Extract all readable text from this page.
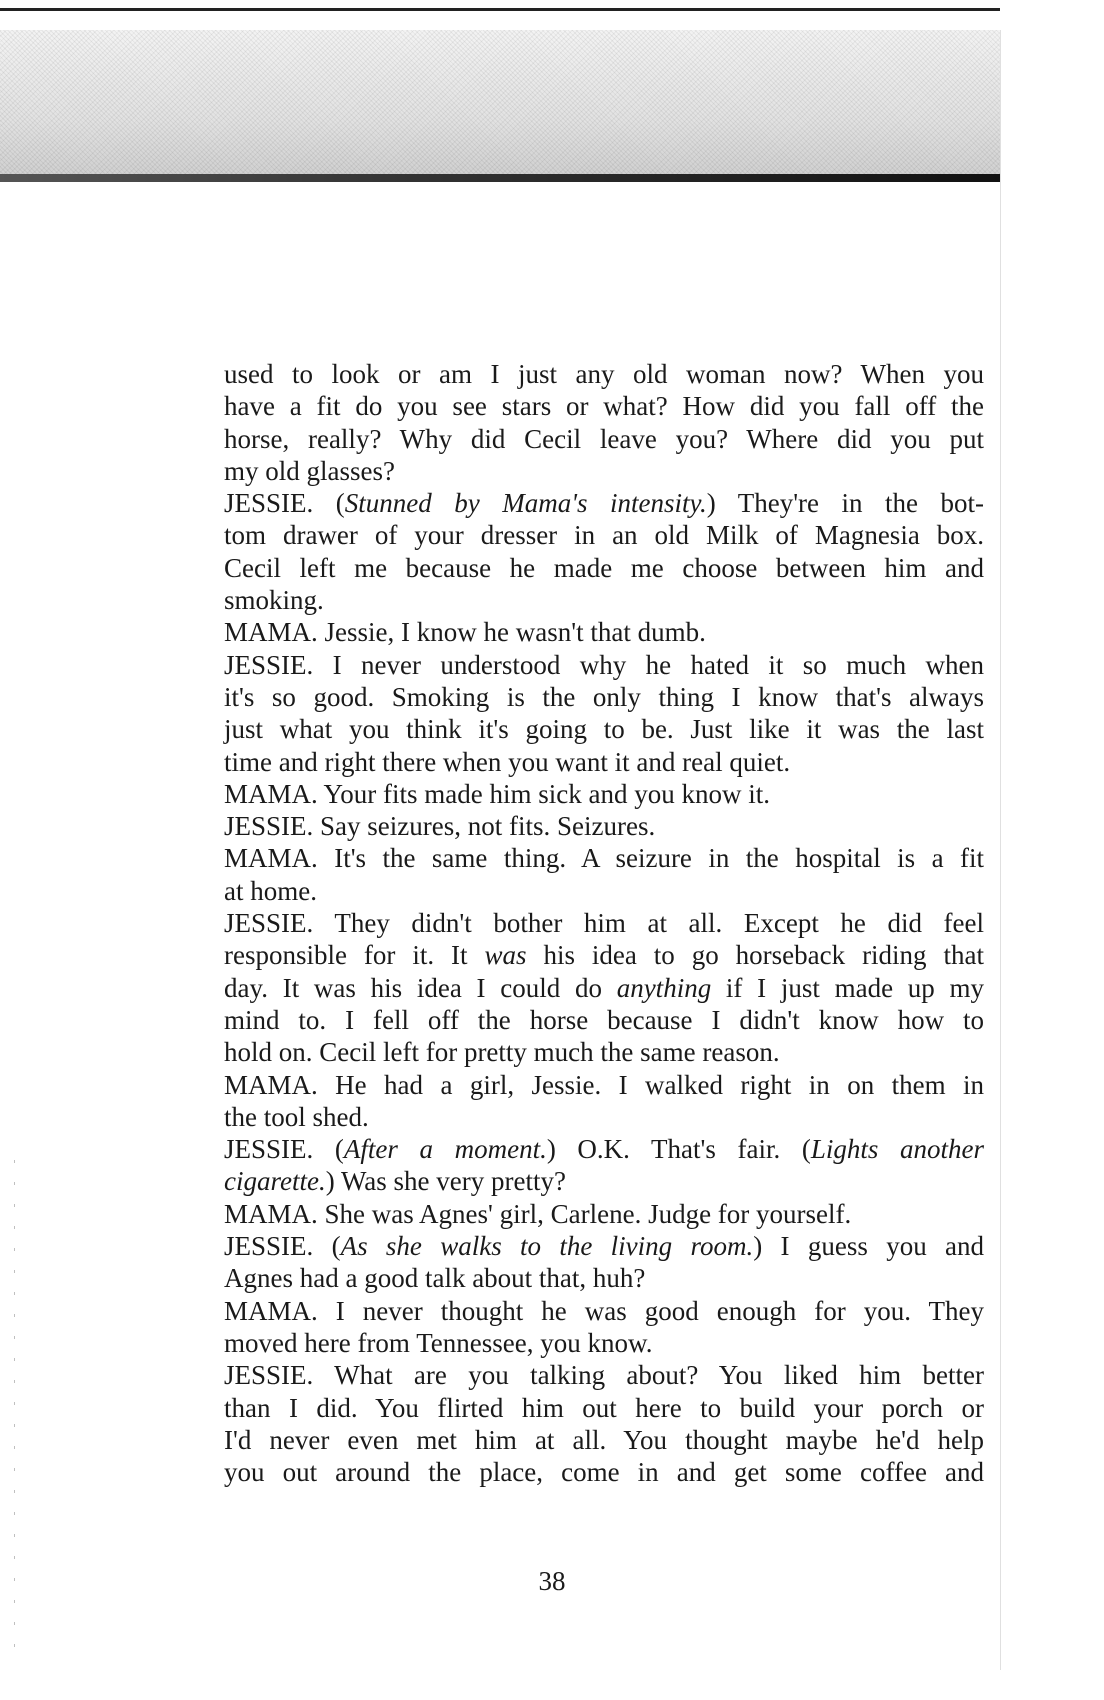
used to look or am I just any old woman now? When you
have a fit do you see stars or what? How did you fall off the
horse, really? Why did Cecil leave you? Where did you put
my old glasses?
JESSIE. (Stunned by Mama's intensity.) They're in the bot-
tom drawer of your dresser in an old Milk of Magnesia box.
Cecil left me because he made me choose between him and
smoking.
MAMA. Jessie, I know he wasn't that dumb.
JESSIE. I never understood why he hated it so much when
it's so good. Smoking is the only thing I know that's always
just what you think it's going to be. Just like it was the last
time and right there when you want it and real quiet.
MAMA. Your fits made him sick and you know it.
JESSIE. Say seizures, not fits. Seizures.
MAMA. It's the same thing. A seizure in the hospital is a fit
at home.
JESSIE. They didn't bother him at all. Except he did feel
responsible for it. It was his idea to go horseback riding that
day. It was his idea I could do anything if I just made up my
mind to. I fell off the horse because I didn't know how to
hold on. Cecil left for pretty much the same reason.
MAMA. He had a girl, Jessie. I walked right in on them in
the tool shed.
JESSIE. (After a moment.) O.K. That's fair. (Lights another
cigarette.) Was she very pretty?
MAMA. She was Agnes' girl, Carlene. Judge for yourself.
JESSIE. (As she walks to the living room.) I guess you and
Agnes had a good talk about that, huh?
MAMA. I never thought he was good enough for you. They
moved here from Tennessee, you know.
JESSIE. What are you talking about? You liked him better
than I did. You flirted him out here to build your porch or
I'd never even met him at all. You thought maybe he'd help
you out around the place, come in and get some coffee and
38
